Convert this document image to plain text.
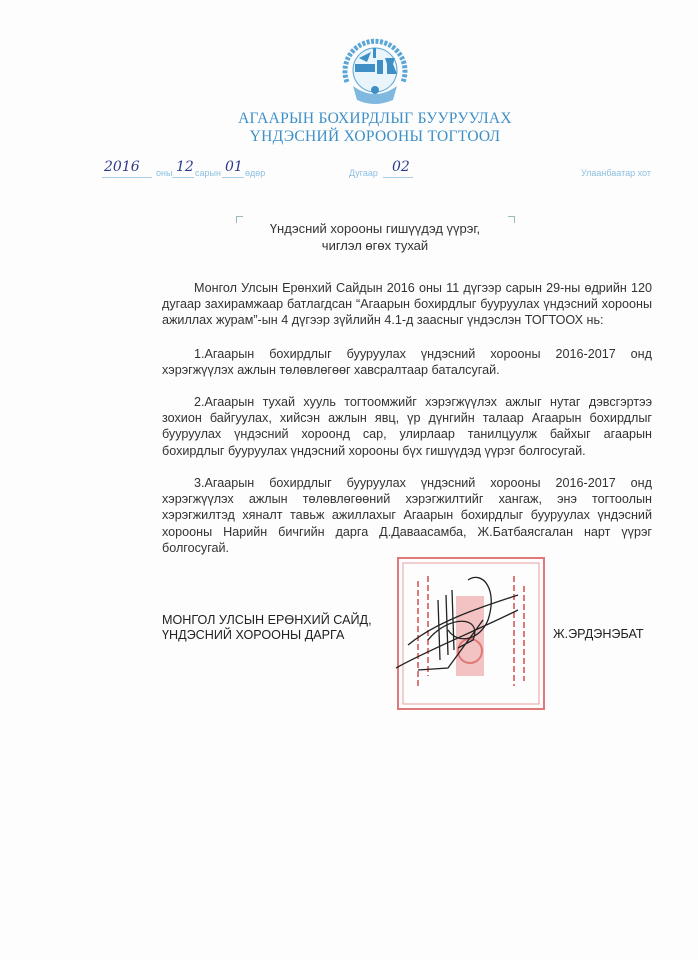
АГААРЫН БОХИРДЛЫГ БУУРУУЛАХ
ҮНДЭСНИЙ ХОРООНЫ ТОГТООЛ
2016 оны 12 сарын 01 өдөр	Дугаар 02	Улаанбаатар хот
Үндэсний хорооны гишүүдэд үүрэг,
чиглэл өгөх тухай
Монгол Улсын Ерөнхий Сайдын 2016 оны 11 дүгээр сарын 29-ны өдрийн 120 дугаар захирамжаар батлагдсан “Агаарын бохирдлыг бууруулах үндэсний хорооны ажиллах журам”-ын 4 дүгээр зүйлийн 4.1-д заасныг үндэслэн ТОГТООХ нь:
1.Агаарын бохирдлыг бууруулах үндэсний хорооны 2016-2017 онд хэрэгжүүлэх ажлын төлөвлөгөөг хавсралтаар баталсугай.
2.Агаарын тухай хууль тогтоомжийг хэрэгжүүлэх ажлыг нутаг дэвсгэртээ зохион байгуулах, хийсэн ажлын явц, үр дүнгийн талаар Агаарын бохирдлыг бууруулах үндэсний хороонд сар, улирлаар танилцуулж байхыг агаарын бохирдлыг бууруулах үндэсний хорооны бүх гишүүдэд үүрэг болгосугай.
3.Агаарын бохирдлыг бууруулах үндэсний хорооны 2016-2017 онд хэрэгжүүлэх ажлын төлөвлөгөөний хэрэгжилтийг хангаж, энэ тогтоолын хэрэгжилтэд хяналт тавьж ажиллахыг Агаарын бохирдлыг бууруулах үндэсний хорооны Нарийн бичгийн дарга Д.Даваасамба, Ж.Батбаясгалан нарт үүрэг болгосугай.
МОНГОЛ УЛСЫН ЕРӨНХИЙ САЙД,
ҮНДЭСНИЙ ХОРООНЫ ДАРГА	Ж.ЭРДЭНЭБАТ
